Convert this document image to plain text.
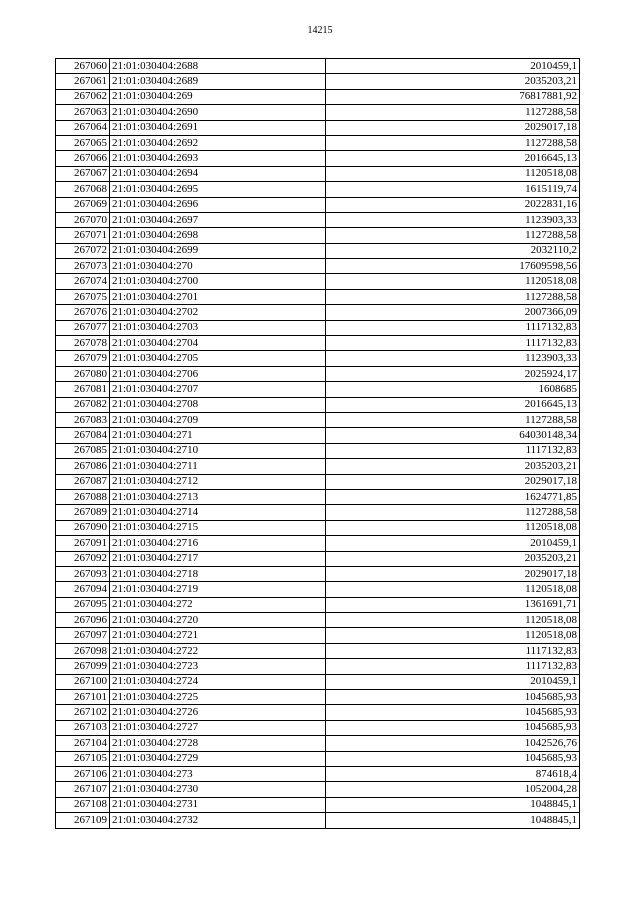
14215
267060	21:01:030404:2688	2010459,1
267061	21:01:030404:2689	2035203,21
267062	21:01:030404:269	76817881,92
267063	21:01:030404:2690	1127288,58
267064	21:01:030404:2691	2029017,18
267065	21:01:030404:2692	1127288,58
267066	21:01:030404:2693	2016645,13
267067	21:01:030404:2694	1120518,08
267068	21:01:030404:2695	1615119,74
267069	21:01:030404:2696	2022831,16
267070	21:01:030404:2697	1123903,33
267071	21:01:030404:2698	1127288,58
267072	21:01:030404:2699	2032110,2
267073	21:01:030404:270	17609598,56
267074	21:01:030404:2700	1120518,08
267075	21:01:030404:2701	1127288,58
267076	21:01:030404:2702	2007366,09
267077	21:01:030404:2703	1117132,83
267078	21:01:030404:2704	1117132,83
267079	21:01:030404:2705	1123903,33
267080	21:01:030404:2706	2025924,17
267081	21:01:030404:2707	1608685
267082	21:01:030404:2708	2016645,13
267083	21:01:030404:2709	1127288,58
267084	21:01:030404:271	64030148,34
267085	21:01:030404:2710	1117132,83
267086	21:01:030404:2711	2035203,21
267087	21:01:030404:2712	2029017,18
267088	21:01:030404:2713	1624771,85
267089	21:01:030404:2714	1127288,58
267090	21:01:030404:2715	1120518,08
267091	21:01:030404:2716	2010459,1
267092	21:01:030404:2717	2035203,21
267093	21:01:030404:2718	2029017,18
267094	21:01:030404:2719	1120518,08
267095	21:01:030404:272	1361691,71
267096	21:01:030404:2720	1120518,08
267097	21:01:030404:2721	1120518,08
267098	21:01:030404:2722	1117132,83
267099	21:01:030404:2723	1117132,83
267100	21:01:030404:2724	2010459,1
267101	21:01:030404:2725	1045685,93
267102	21:01:030404:2726	1045685,93
267103	21:01:030404:2727	1045685,93
267104	21:01:030404:2728	1042526,76
267105	21:01:030404:2729	1045685,93
267106	21:01:030404:273	874618,4
267107	21:01:030404:2730	1052004,28
267108	21:01:030404:2731	1048845,1
267109	21:01:030404:2732	1048845,1
